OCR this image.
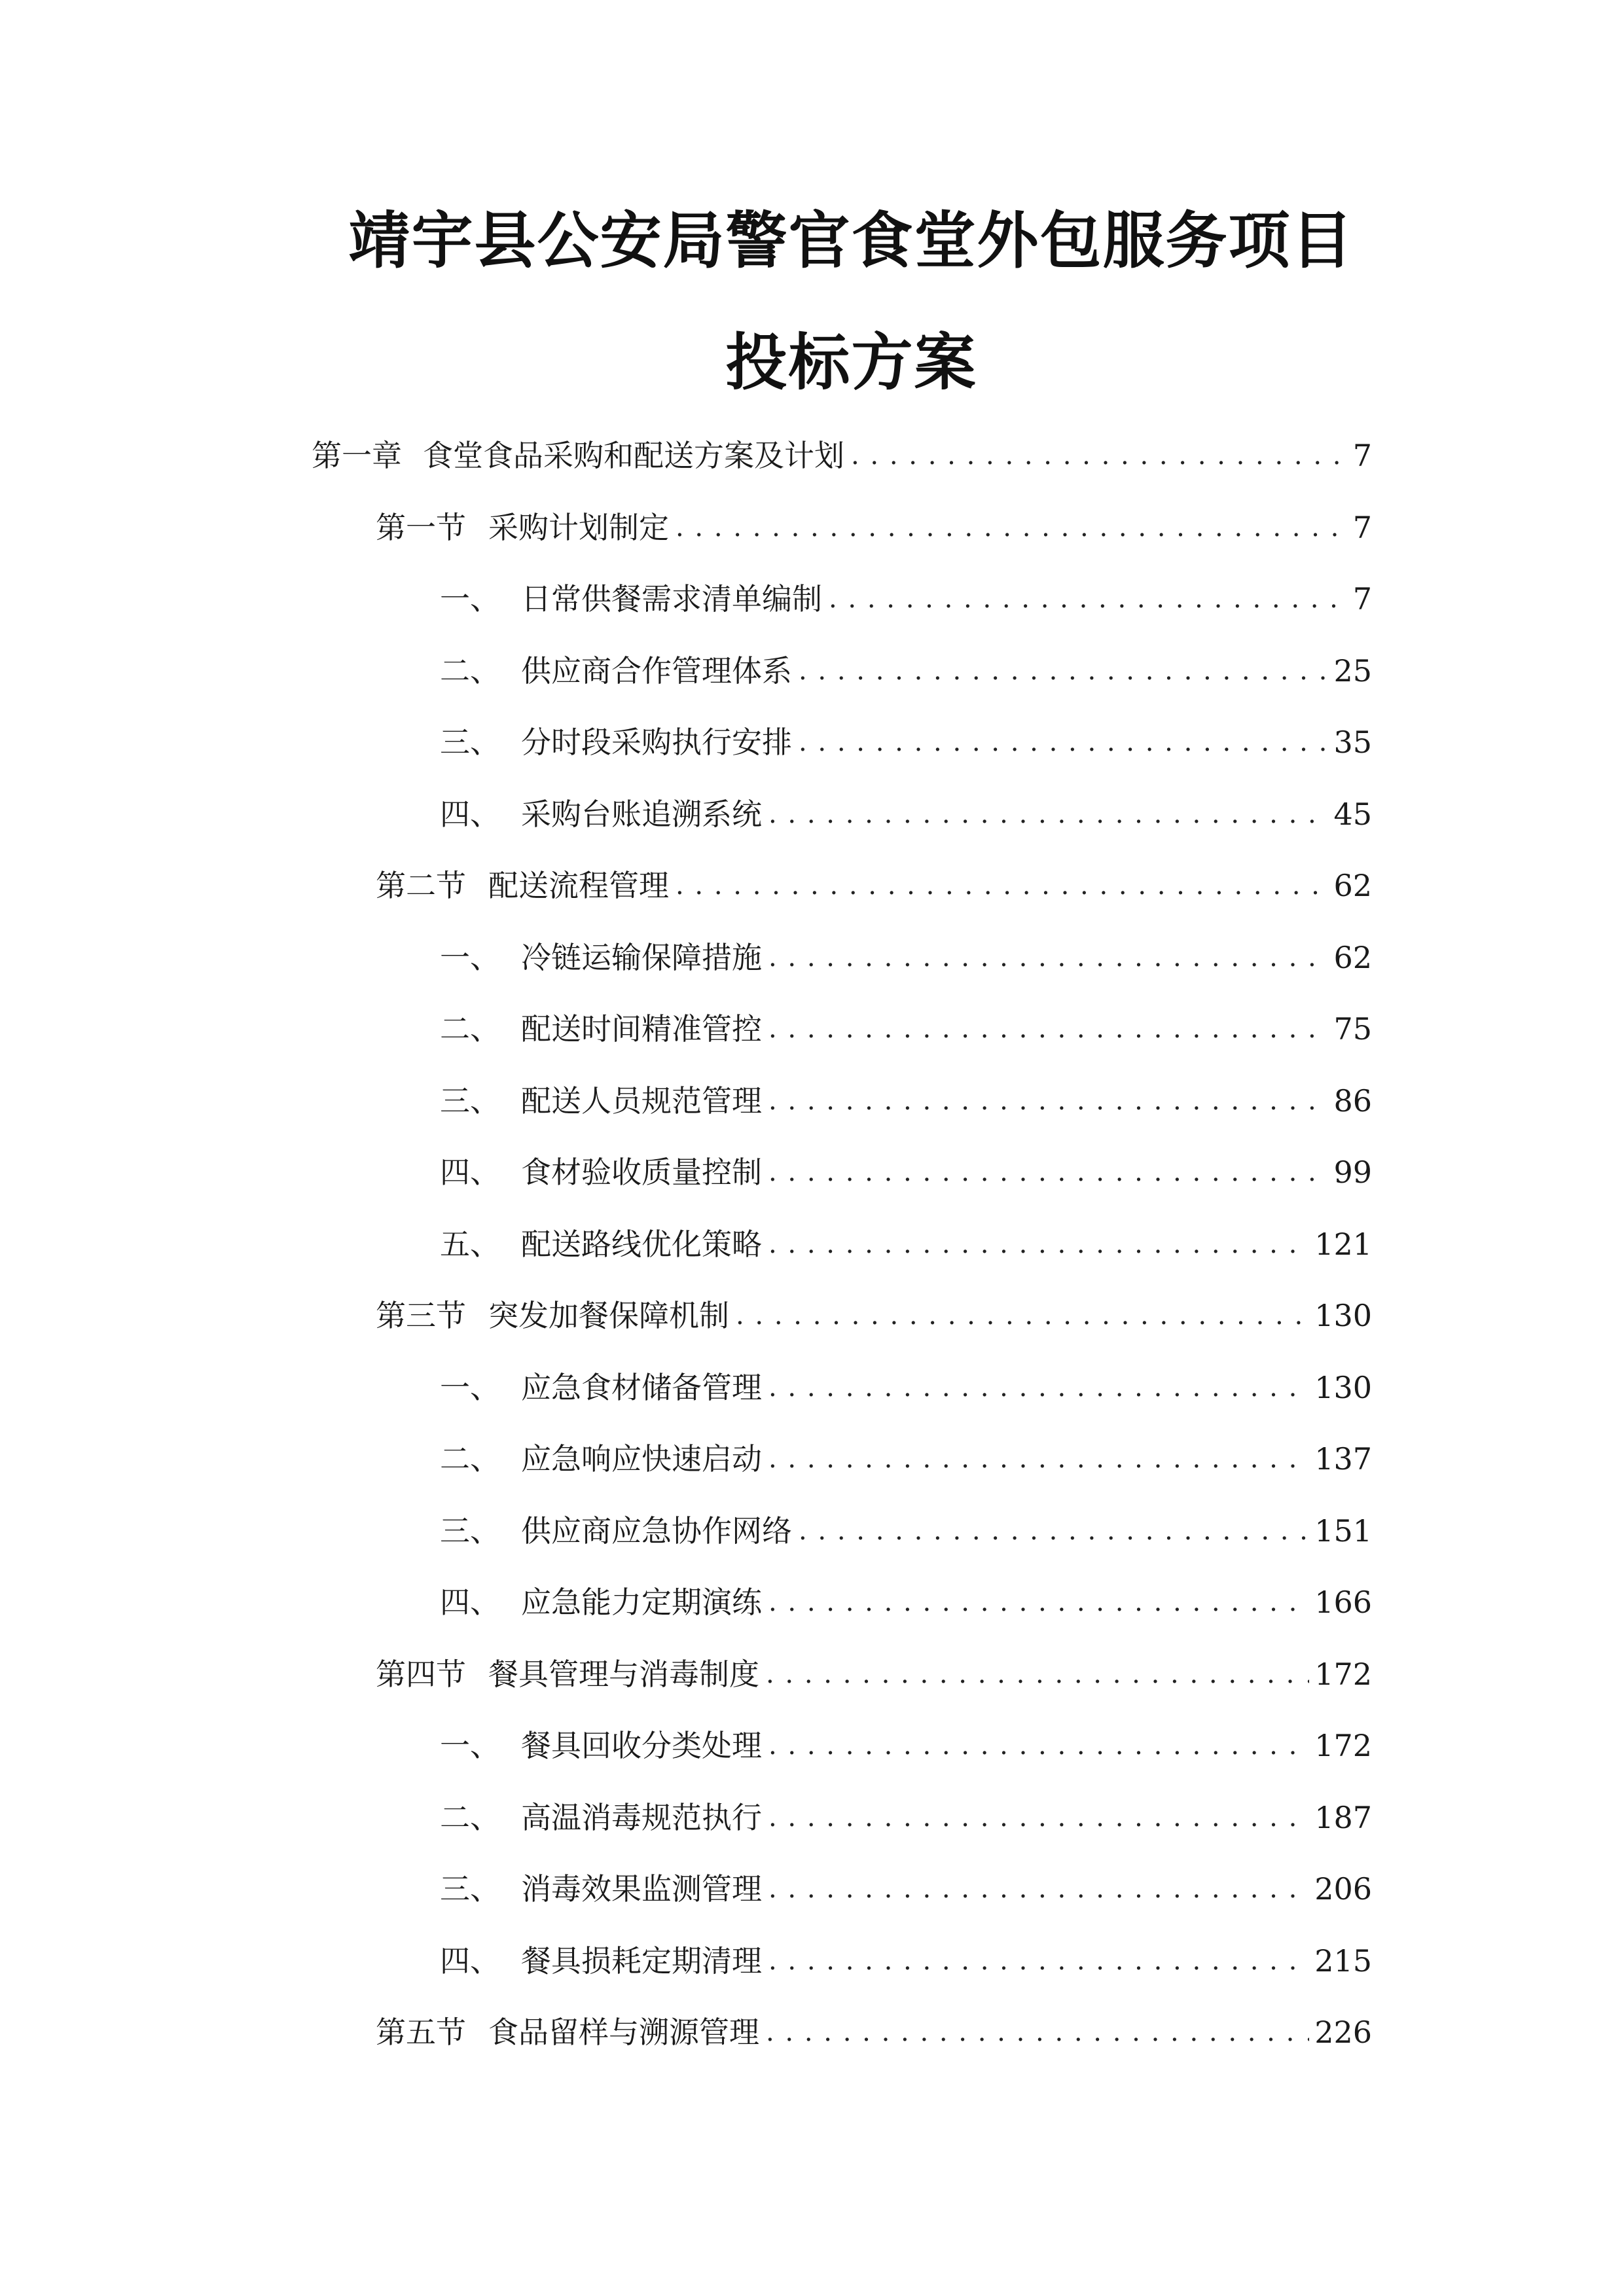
靖宇县公安局警官食堂外包服务项目
投标方案
第一章 食堂食品采购和配送方案及计划 . . .	7
第一节 采购计划制定 . . .	7
一、 日常供餐需求清单编制 . . .	7
二、 供应商合作管理体系 . . .	25
三、 分时段采购执行安排 . . .	35
四、 采购台账追溯系统 . . .	45
第二节 配送流程管理 . . .	62
一、 冷链运输保障措施 . . .	62
二、 配送时间精准管控 . . .	75
三、 配送人员规范管理 . . .	86
四、 食材验收质量控制 . . .	99
五、 配送路线优化策略 . . .	121
第三节 突发加餐保障机制 . . .	130
一、 应急食材储备管理 . . .	130
二、 应急响应快速启动 . . .	137
三、 供应商应急协作网络 . . .	151
四、 应急能力定期演练 . . .	166
第四节 餐具管理与消毒制度 . . .	172
一、 餐具回收分类处理 . . .	172
二、 高温消毒规范执行 . . .	187
三、 消毒效果监测管理 . . .	206
四、 餐具损耗定期清理 . . .	215
第五节 食品留样与溯源管理 . . .	226
